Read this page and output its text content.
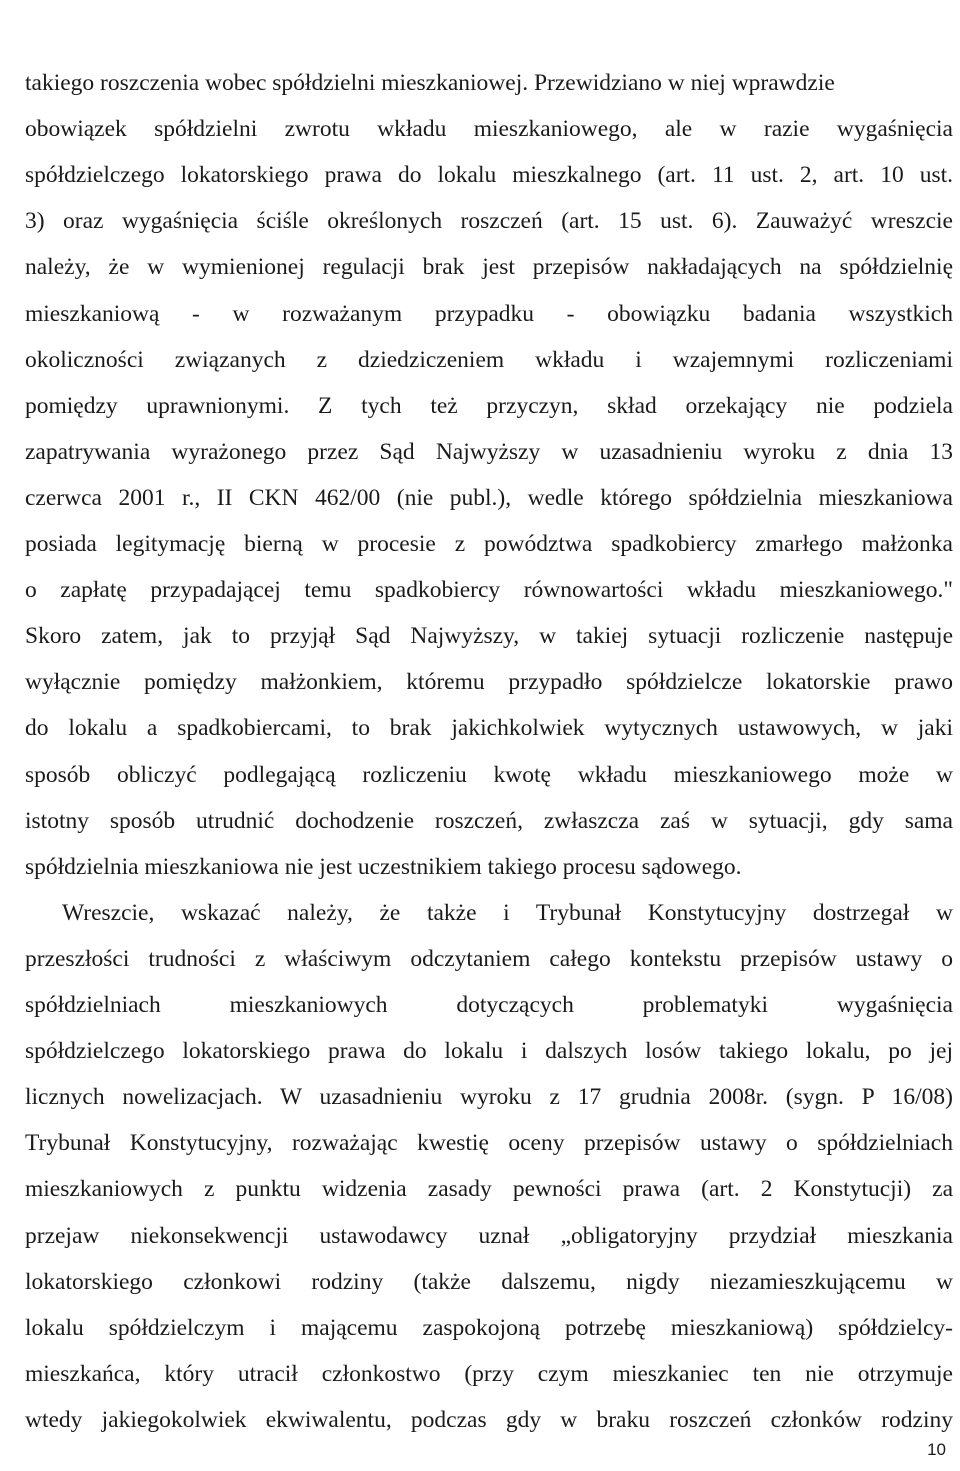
takiego roszczenia wobec spółdzielni mieszkaniowej. Przewidziano w niej wprawdzie
obowiązek spółdzielni zwrotu wkładu mieszkaniowego, ale w razie wygaśnięcia
spółdzielczego lokatorskiego prawa do lokalu mieszkalnego (art. 11 ust. 2, art. 10 ust.
3) oraz wygaśnięcia ściśle określonych roszczeń (art. 15 ust. 6). Zauważyć wreszcie
należy, że w wymienionej regulacji brak jest przepisów nakładających na spółdzielnię
mieszkaniową - w rozważanym przypadku - obowiązku badania wszystkich
okoliczności związanych z dziedziczeniem wkładu i wzajemnymi rozliczeniami
pomiędzy uprawnionymi. Z tych też przyczyn, skład orzekający nie podziela
zapatrywania wyrażonego przez Sąd Najwyższy w uzasadnieniu wyroku z dnia 13
czerwca 2001 r., II CKN 462/00 (nie publ.), wedle którego spółdzielnia mieszkaniowa
posiada legitymację bierną w procesie z powództwa spadkobiercy zmarłego małżonka
o zapłatę przypadającej temu spadkobiercy równowartości wkładu mieszkaniowego."
Skoro zatem, jak to przyjął Sąd Najwyższy, w takiej sytuacji rozliczenie następuje
wyłącznie pomiędzy małżonkiem, któremu przypadło spółdzielcze lokatorskie prawo
do lokalu a spadkobiercami, to brak jakichkolwiek wytycznych ustawowych, w jaki
sposób obliczyć podlegającą rozliczeniu kwotę wkładu mieszkaniowego może w
istotny sposób utrudnić dochodzenie roszczeń, zwłaszcza zaś w sytuacji, gdy sama
spółdzielnia mieszkaniowa nie jest uczestnikiem takiego procesu sądowego.
Wreszcie, wskazać należy, że także i Trybunał Konstytucyjny dostrzegał w
przeszłości trudności z właściwym odczytaniem całego kontekstu przepisów ustawy o
spółdzielniach mieszkaniowych dotyczących problematyki wygaśnięcia
spółdzielczego lokatorskiego prawa do lokalu i dalszych losów takiego lokalu, po jej
licznych nowelizacjach. W uzasadnieniu wyroku z 17 grudnia 2008r. (sygn. P 16/08)
Trybunał Konstytucyjny, rozważając kwestię oceny przepisów ustawy o spółdzielniach
mieszkaniowych z punktu widzenia zasady pewności prawa (art. 2 Konstytucji) za
przejaw niekonsekwencji ustawodawcy uznał „obligatoryjny przydział mieszkania
lokatorskiego członkowi rodziny (także dalszemu, nigdy niezamieszkującemu w
lokalu spółdzielczym i mającemu zaspokojoną potrzebę mieszkaniową) spółdzielcy-
mieszkańca, który utracił członkostwo (przy czym mieszkaniec ten nie otrzymuje
wtedy jakiegokolwiek ekwiwalentu, podczas gdy w braku roszczeń członków rodziny
10
